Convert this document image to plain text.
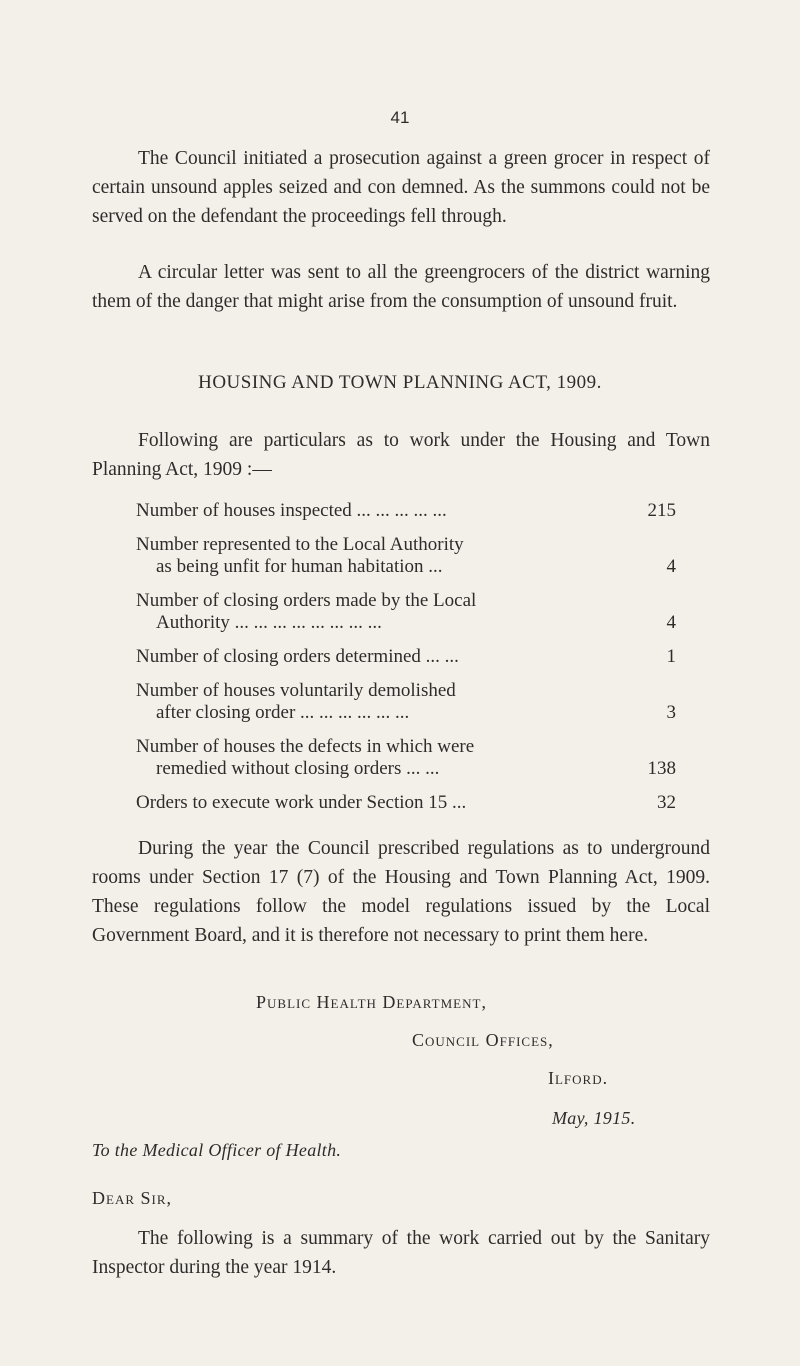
41

The Council initiated a prosecution against a green grocer in respect of certain unsound apples seized and con demned. As the summons could not be served on the defendant the proceedings fell through.

A circular letter was sent to all the greengrocers of the district warning them of the danger that might arise from the consumption of unsound fruit.

HOUSING AND TOWN PLANNING ACT, 1909.

Following are particulars as to work under the Housing and Town Planning Act, 1909 :—

Number of houses inspected ... ... ... ... ...	215
Number represented to the Local Authority
as being unfit for human habitation ...	4
Number of closing orders made by the Local
Authority ... ... ... ... ... ... ... ...	4
Number of closing orders determined ... ...	1
Number of houses voluntarily demolished
after closing order ... ... ... ... ... ...	3
Number of houses the defects in which were
remedied without closing orders ... ...	138
Orders to execute work under Section 15 ...	32

During the year the Council prescribed regulations as to underground rooms under Section 17 (7) of the Housing and Town Planning Act, 1909. These regulations follow the model regulations issued by the Local Government Board, and it is therefore not necessary to print them here.

Public Health Department,
Council Offices,
Ilford.
May, 1915.
To the Medical Officer of Health.
Dear Sir,

The following is a summary of the work carried out by the Sanitary Inspector during the year 1914.
